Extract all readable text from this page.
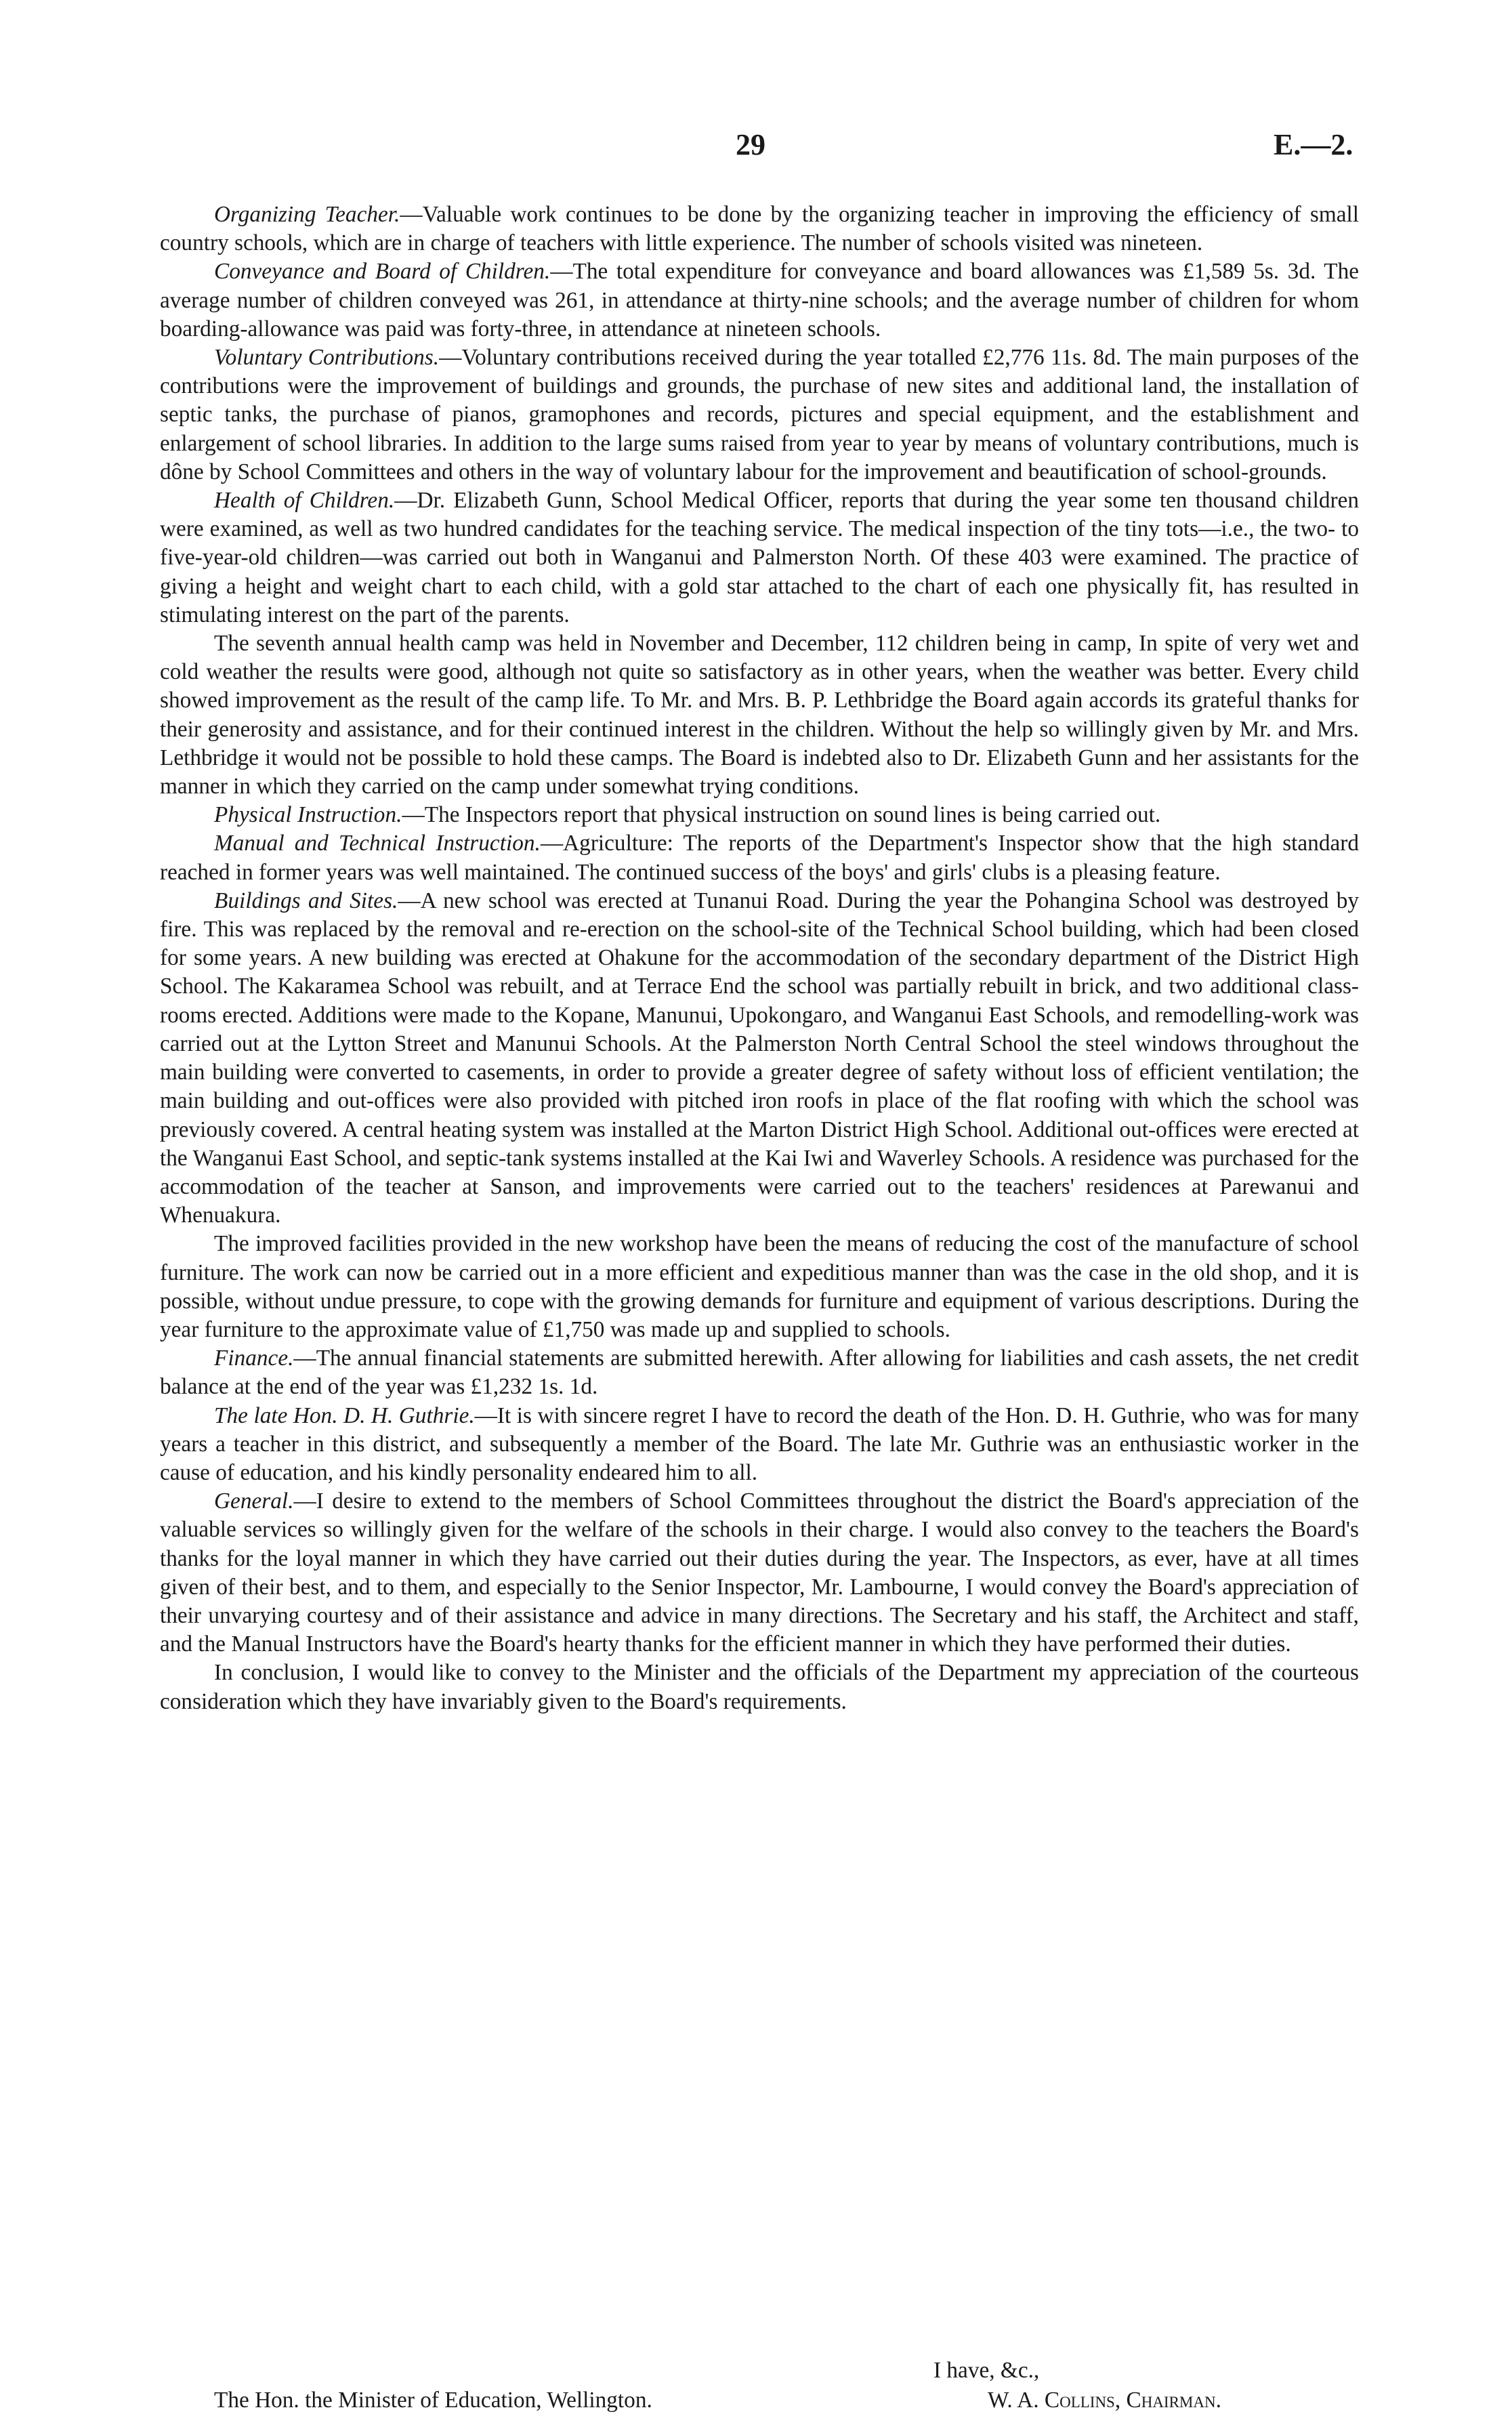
29	E.—2.

Organizing Teacher.—Valuable work continues to be done by the organizing teacher in improving the efficiency of small country schools, which are in charge of teachers with little experience. The number of schools visited was nineteen.

Conveyance and Board of Children.—The total expenditure for conveyance and board allowances was £1,589 5s. 3d. The average number of children conveyed was 261, in attendance at thirty-nine schools; and the average number of children for whom boarding-allowance was paid was forty-three, in attendance at nineteen schools.

Voluntary Contributions.—Voluntary contributions received during the year totalled £2,776 11s. 8d. The main purposes of the contributions were the improvement of buildings and grounds, the purchase of new sites and additional land, the installation of septic tanks, the purchase of pianos, gramophones and records, pictures and special equipment, and the establishment and enlargement of school libraries. In addition to the large sums raised from year to year by means of voluntary contributions, much is dône by School Committees and others in the way of voluntary labour for the improvement and beautification of school-grounds.

Health of Children.—Dr. Elizabeth Gunn, School Medical Officer, reports that during the year some ten thousand children were examined, as well as two hundred candidates for the teaching service. The medical inspection of the tiny tots—i.e., the two- to five-year-old children—was carried out both in Wanganui and Palmerston North. Of these 403 were examined. The practice of giving a height and weight chart to each child, with a gold star attached to the chart of each one physically fit, has resulted in stimulating interest on the part of the parents.

The seventh annual health camp was held in November and December, 112 children being in camp, In spite of very wet and cold weather the results were good, although not quite so satisfactory as in other years, when the weather was better. Every child showed improvement as the result of the camp life. To Mr. and Mrs. B. P. Lethbridge the Board again accords its grateful thanks for their generosity and assistance, and for their continued interest in the children. Without the help so willingly given by Mr. and Mrs. Lethbridge it would not be possible to hold these camps. The Board is indebted also to Dr. Elizabeth Gunn and her assistants for the manner in which they carried on the camp under somewhat trying conditions.

Physical Instruction.—The Inspectors report that physical instruction on sound lines is being carried out.

Manual and Technical Instruction.—Agriculture: The reports of the Department's Inspector show that the high standard reached in former years was well maintained. The continued success of the boys' and girls' clubs is a pleasing feature.

Buildings and Sites.—A new school was erected at Tunanui Road. During the year the Pohangina School was destroyed by fire. This was replaced by the removal and re-erection on the school-site of the Technical School building, which had been closed for some years. A new building was erected at Ohakune for the accommodation of the secondary department of the District High School. The Kakaramea School was rebuilt, and at Terrace End the school was partially rebuilt in brick, and two additional class-rooms erected. Additions were made to the Kopane, Manunui, Upokongaro, and Wanganui East Schools, and remodelling-work was carried out at the Lytton Street and Manunui Schools. At the Palmerston North Central School the steel windows throughout the main building were converted to casements, in order to provide a greater degree of safety without loss of efficient ventilation; the main building and out-offices were also provided with pitched iron roofs in place of the flat roofing with which the school was previously covered. A central heating system was installed at the Marton District High School. Additional out-offices were erected at the Wanganui East School, and septic-tank systems installed at the Kai Iwi and Waverley Schools. A residence was purchased for the accommodation of the teacher at Sanson, and improvements were carried out to the teachers' residences at Parewanui and Whenuakura.

The improved facilities provided in the new workshop have been the means of reducing the cost of the manufacture of school furniture. The work can now be carried out in a more efficient and expeditious manner than was the case in the old shop, and it is possible, without undue pressure, to cope with the growing demands for furniture and equipment of various descriptions. During the year furniture to the approximate value of £1,750 was made up and supplied to schools.

Finance.—The annual financial statements are submitted herewith. After allowing for liabilities and cash assets, the net credit balance at the end of the year was £1,232 1s. 1d.

The late Hon. D. H. Guthrie.—It is with sincere regret I have to record the death of the Hon. D. H. Guthrie, who was for many years a teacher in this district, and subsequently a member of the Board. The late Mr. Guthrie was an enthusiastic worker in the cause of education, and his kindly personality endeared him to all.

General.—I desire to extend to the members of School Committees throughout the district the Board's appreciation of the valuable services so willingly given for the welfare of the schools in their charge. I would also convey to the teachers the Board's thanks for the loyal manner in which they have carried out their duties during the year. The Inspectors, as ever, have at all times given of their best, and to them, and especially to the Senior Inspector, Mr. Lambourne, I would convey the Board's appreciation of their unvarying courtesy and of their assistance and advice in many directions. The Secretary and his staff, the Architect and staff, and the Manual Instructors have the Board's hearty thanks for the efficient manner in which they have performed their duties.

In conclusion, I would like to convey to the Minister and the officials of the Department my appreciation of the courteous consideration which they have invariably given to the Board's requirements.

I have, &c.,
The Hon. the Minister of Education, Wellington.	W. A. Collins, Chairman.
